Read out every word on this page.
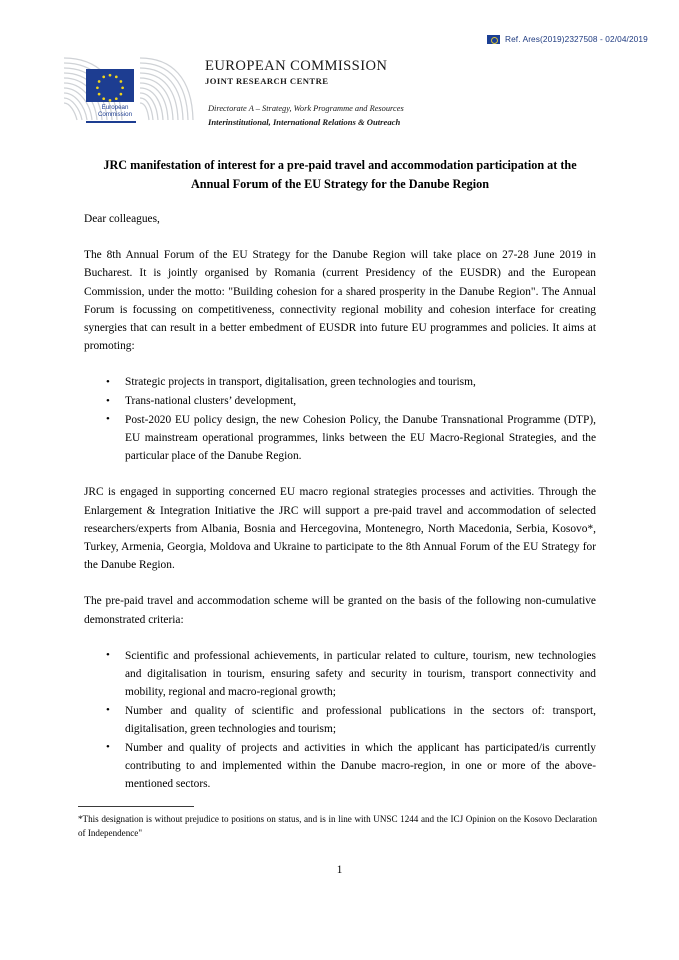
Ref. Ares(2019)2327508 - 02/04/2019
European
Commission
EUROPEAN COMMISSION
JOINT RESEARCH CENTRE
Directorate A – Strategy, Work Programme and Resources
Interinstitutional, International Relations & Outreach
JRC manifestation of interest for a pre-paid travel and accommodation participation at the Annual Forum of the EU Strategy for the Danube Region

Dear colleagues,

The 8th Annual Forum of the EU Strategy for the Danube Region will take place on 27-28 June 2019 in Bucharest. It is jointly organised by Romania (current Presidency of the EUSDR) and the European Commission, under the motto: "Building cohesion for a shared prosperity in the Danube Region". The Annual Forum is focussing on competitiveness, connectivity regional mobility and cohesion interface for creating synergies that can result in a better embedment of EUSDR into future EU programmes and policies. It aims at promoting:

• Strategic projects in transport, digitalisation, green technologies and tourism,
• Trans-national clusters’ development,
• Post-2020 EU policy design, the new Cohesion Policy, the Danube Transnational Programme (DTP), EU mainstream operational programmes, links between the EU Macro-Regional Strategies, and the particular place of the Danube Region.

JRC is engaged in supporting concerned EU macro regional strategies processes and activities. Through the Enlargement & Integration Initiative the JRC will support a pre-paid travel and accommodation of selected researchers/experts from Albania, Bosnia and Hercegovina, Montenegro, North Macedonia, Serbia, Kosovo*, Turkey, Armenia, Georgia, Moldova and Ukraine to participate to the 8th Annual Forum of the EU Strategy for the Danube Region.

The pre-paid travel and accommodation scheme will be granted on the basis of the following non-cumulative demonstrated criteria:

• Scientific and professional achievements, in particular related to culture, tourism, new technologies and digitalisation in tourism, ensuring safety and security in tourism, transport connectivity and mobility, regional and macro-regional growth;
• Number and quality of scientific and professional publications in the sectors of: transport, digitalisation, green technologies and tourism;
• Number and quality of projects and activities in which the applicant has participated/is currently contributing to and implemented within the Danube macro-region, in one or more of the above-mentioned sectors.
*This designation is without prejudice to positions on status, and is in line with UNSC 1244 and the ICJ Opinion on the Kosovo Declaration of Independence"
1
